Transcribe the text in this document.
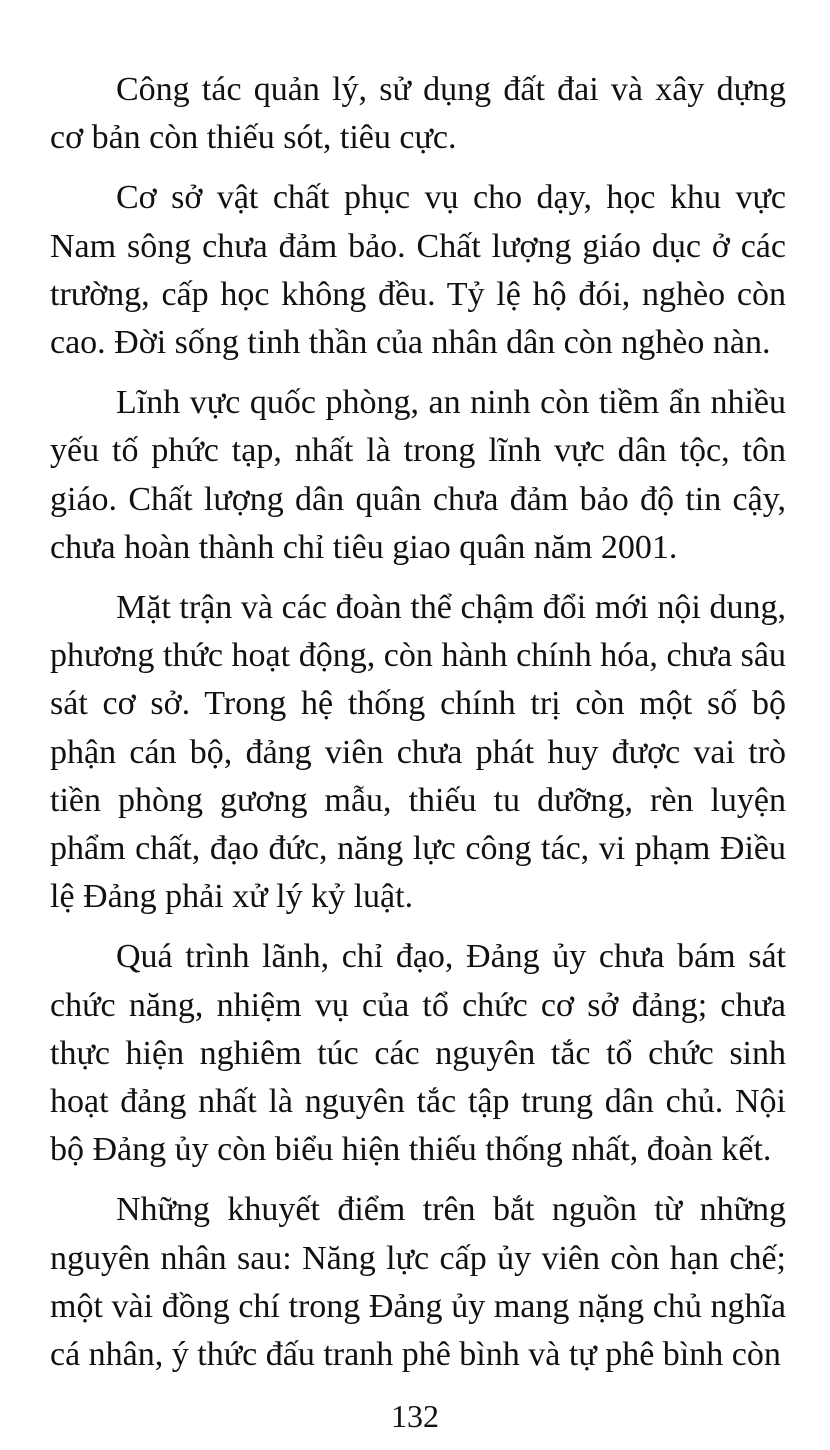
Công tác quản lý, sử dụng đất đai và xây dựng cơ bản còn thiếu sót, tiêu cực.

Cơ sở vật chất phục vụ cho dạy, học khu vực Nam sông chưa đảm bảo. Chất lượng giáo dục ở các trường, cấp học không đều. Tỷ lệ hộ đói, nghèo còn cao. Đời sống tinh thần của nhân dân còn nghèo nàn.

Lĩnh vực quốc phòng, an ninh còn tiềm ẩn nhiều yếu tố phức tạp, nhất là trong lĩnh vực dân tộc, tôn giáo. Chất lượng dân quân chưa đảm bảo độ tin cậy, chưa hoàn thành chỉ tiêu giao quân năm 2001.

Mặt trận và các đoàn thể chậm đổi mới nội dung, phương thức hoạt động, còn hành chính hóa, chưa sâu sát cơ sở. Trong hệ thống chính trị còn một số bộ phận cán bộ, đảng viên chưa phát huy được vai trò tiền phòng gương mẫu, thiếu tu dưỡng, rèn luyện phẩm chất, đạo đức, năng lực công tác, vi phạm Điều lệ Đảng phải xử lý kỷ luật.

Quá trình lãnh, chỉ đạo, Đảng ủy chưa bám sát chức năng, nhiệm vụ của tổ chức cơ sở đảng; chưa thực hiện nghiêm túc các nguyên tắc tổ chức sinh hoạt đảng nhất là nguyên tắc tập trung dân chủ. Nội bộ Đảng ủy còn biểu hiện thiếu thống nhất, đoàn kết.

Những khuyết điểm trên bắt nguồn từ những nguyên nhân sau: Năng lực cấp ủy viên còn hạn chế; một vài đồng chí trong Đảng ủy mang nặng chủ nghĩa cá nhân, ý thức đấu tranh phê bình và tự phê bình còn

132
